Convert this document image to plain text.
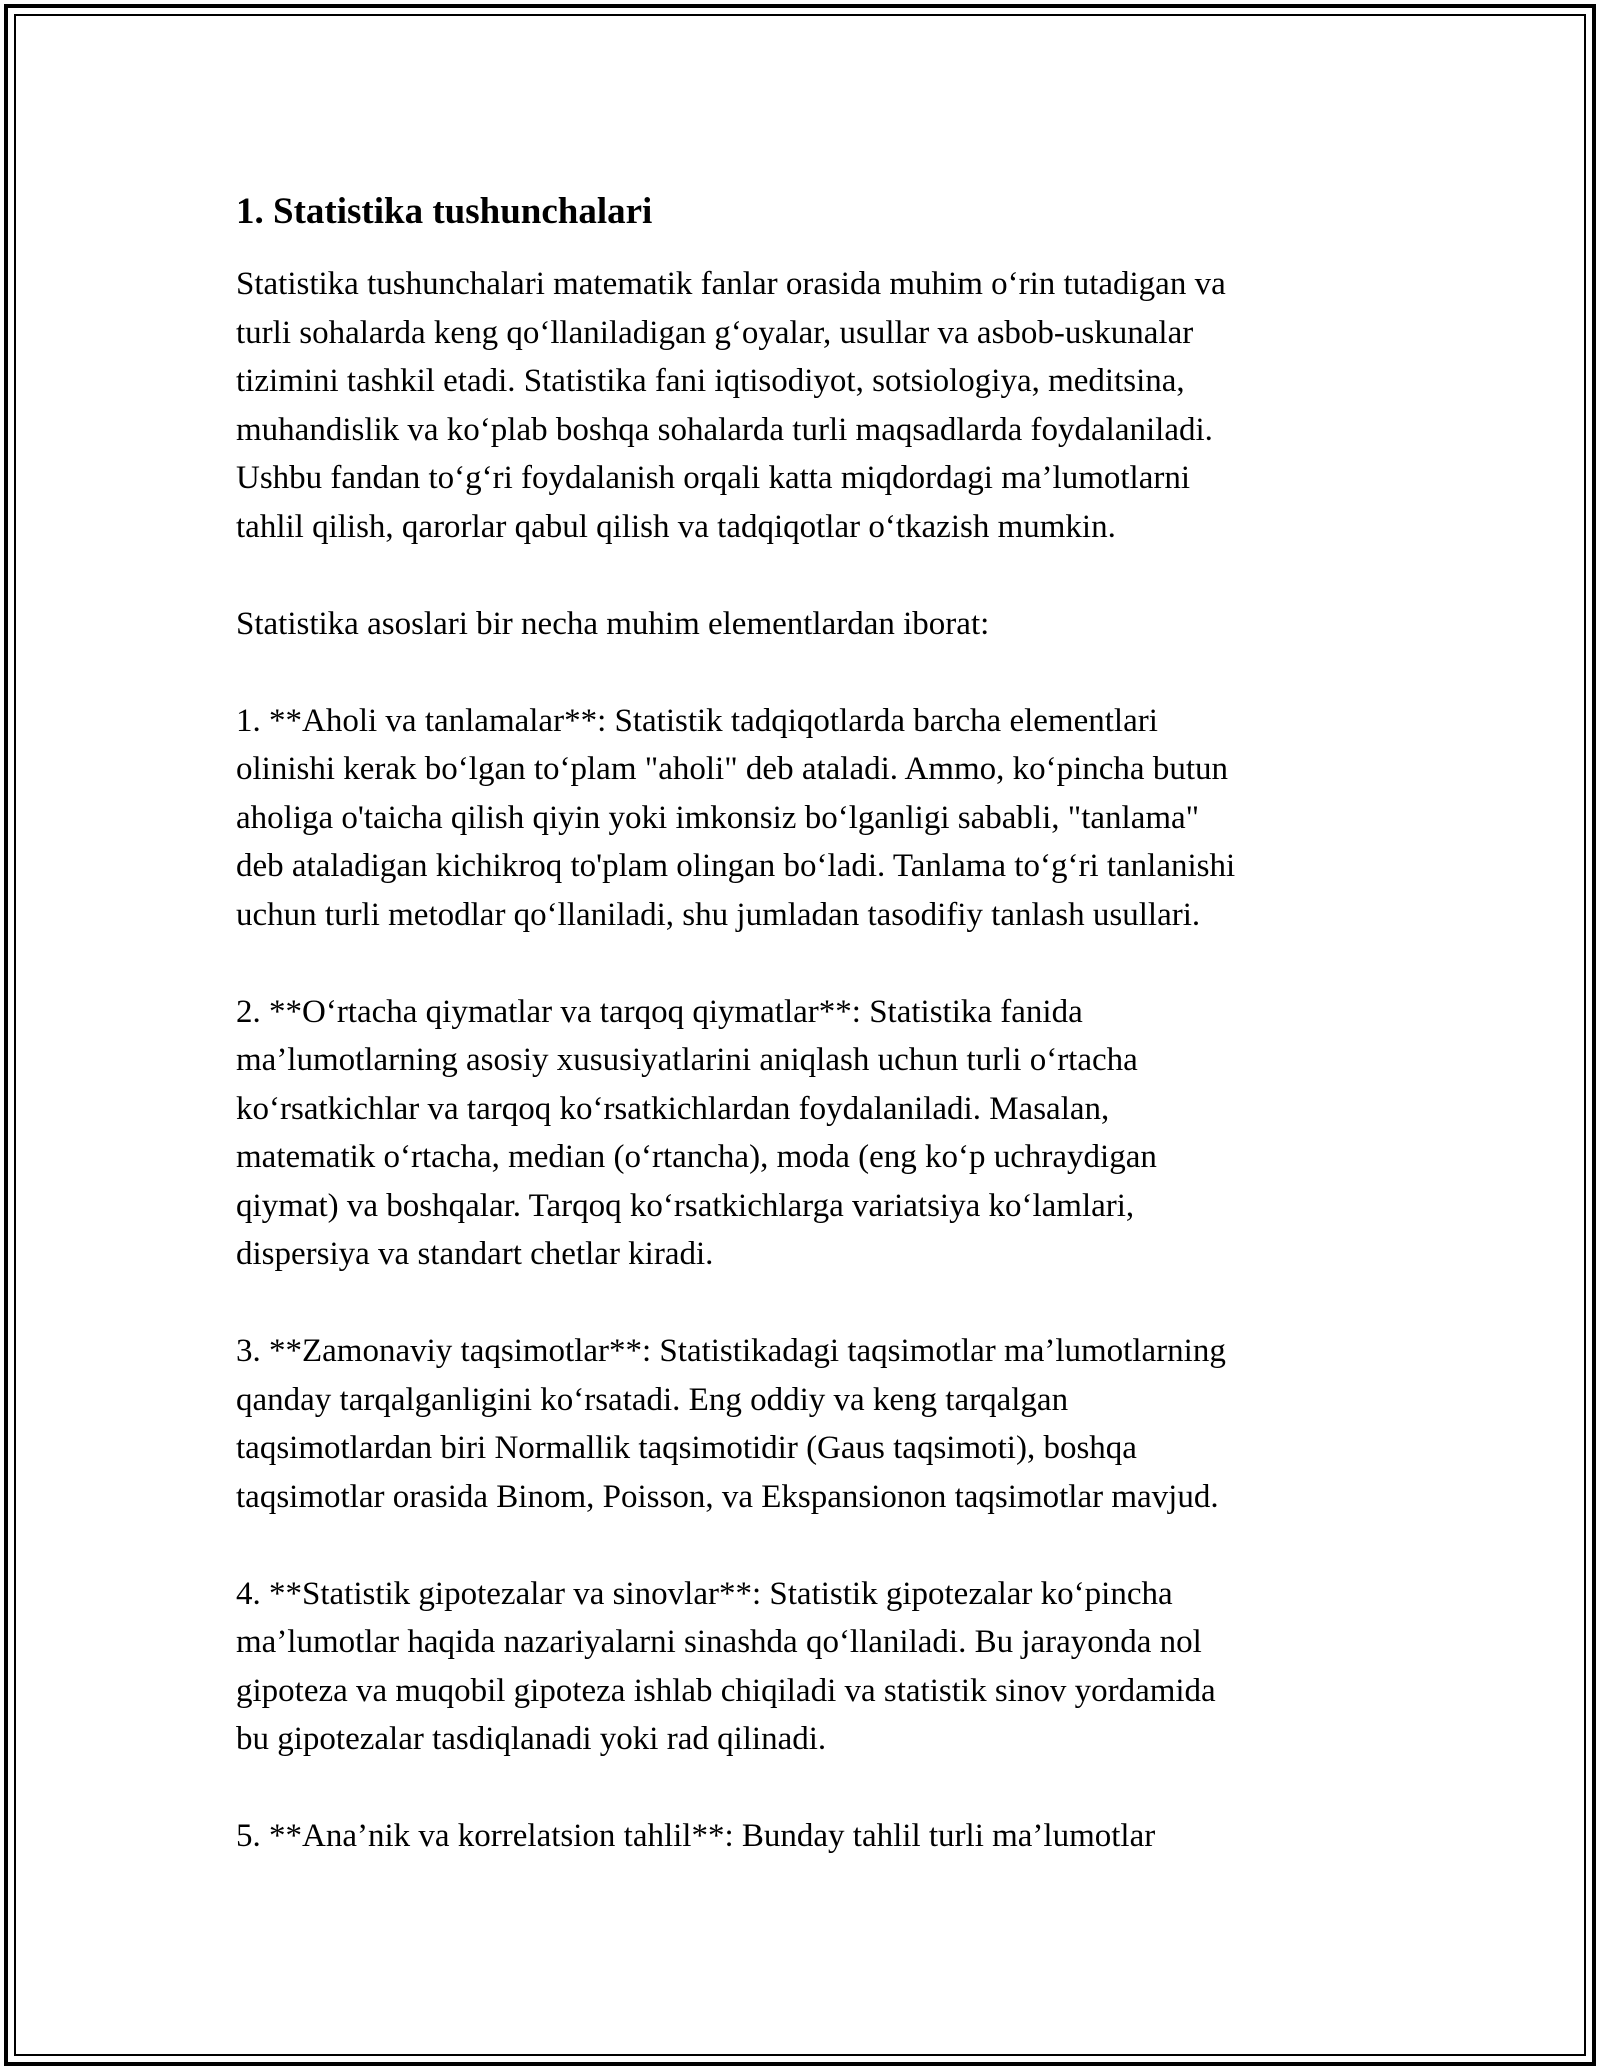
1. Statistika tushunchalari

Statistika tushunchalari matematik fanlar orasida muhim o‘rin tutadigan va
turli sohalarda keng qo‘llaniladigan g‘oyalar, usullar va asbob-uskunalar
tizimini tashkil etadi. Statistika fani iqtisodiyot, sotsiologiya, meditsina,
muhandislik va ko‘plab boshqa sohalarda turli maqsadlarda foydalaniladi.
Ushbu fandan to‘g‘ri foydalanish orqali katta miqdordagi ma’lumotlarni
tahlil qilish, qarorlar qabul qilish va tadqiqotlar o‘tkazish mumkin.

Statistika asoslari bir necha muhim elementlardan iborat:

1. **Aholi va tanlamalar**: Statistik tadqiqotlarda barcha elementlari
olinishi kerak bo‘lgan to‘plam "aholi" deb ataladi. Ammo, ko‘pincha butun
aholiga o'taicha qilish qiyin yoki imkonsiz bo‘lganligi sababli, "tanlama"
deb ataladigan kichikroq to'plam olingan bo‘ladi. Tanlama to‘g‘ri tanlanishi
uchun turli metodlar qo‘llaniladi, shu jumladan tasodifiy tanlash usullari.

2. **O‘rtacha qiymatlar va tarqoq qiymatlar**: Statistika fanida
ma’lumotlarning asosiy xususiyatlarini aniqlash uchun turli o‘rtacha
ko‘rsatkichlar va tarqoq ko‘rsatkichlardan foydalaniladi. Masalan,
matematik o‘rtacha, median (o‘rtancha), moda (eng ko‘p uchraydigan
qiymat) va boshqalar. Tarqoq ko‘rsatkichlarga variatsiya ko‘lamlari,
dispersiya va standart chetlar kiradi.

3. **Zamonaviy taqsimotlar**: Statistikadagi taqsimotlar ma’lumotlarning
qanday tarqalganligini ko‘rsatadi. Eng oddiy va keng tarqalgan
taqsimotlardan biri Normallik taqsimotidir (Gaus taqsimoti), boshqa
taqsimotlar orasida Binom, Poisson, va Ekspansionon taqsimotlar mavjud.

4. **Statistik gipotezalar va sinovlar**: Statistik gipotezalar ko‘pincha
ma’lumotlar haqida nazariyalarni sinashda qo‘llaniladi. Bu jarayonda nol
gipoteza va muqobil gipoteza ishlab chiqiladi va statistik sinov yordamida
bu gipotezalar tasdiqlanadi yoki rad qilinadi.

5. **Ana’nik va korrelatsion tahlil**: Bunday tahlil turli ma’lumotlar
